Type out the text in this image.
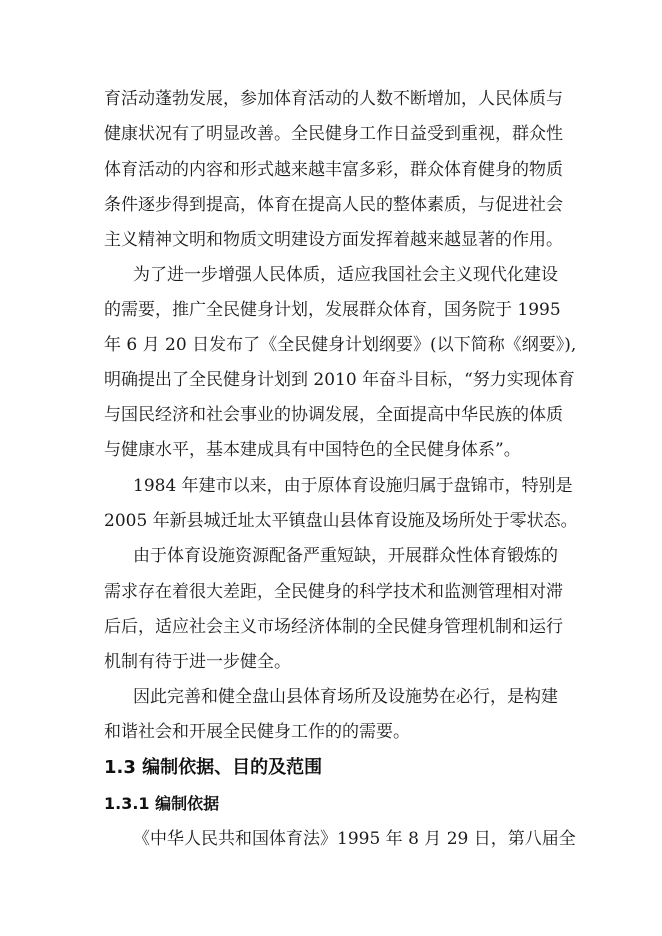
育活动蓬勃发展，参加体育活动的人数不断增加，人民体质与
健康状况有了明显改善。全民健身工作日益受到重视，群众性
体育活动的内容和形式越来越丰富多彩，群众体育健身的物质
条件逐步得到提高，体育在提高人民的整体素质，与促进社会
主义精神文明和物质文明建设方面发挥着越来越显著的作用。
为了进一步增强人民体质，适应我国社会主义现代化建设
的需要，推广全民健身计划，发展群众体育，国务院于 1995
年 6 月 20 日发布了《全民健身计划纲要》(以下简称《纲要》),
明确提出了全民健身计划到 2010 年奋斗目标，“努力实现体育
与国民经济和社会事业的协调发展，全面提高中华民族的体质
与健康水平，基本建成具有中国特色的全民健身体系”。
1984 年建市以来，由于原体育设施归属于盘锦市，特别是
2005 年新县城迁址太平镇盘山县体育设施及场所处于零状态。
由于体育设施资源配备严重短缺，开展群众性体育锻炼的
需求存在着很大差距，全民健身的科学技术和监测管理相对滞
后后，适应社会主义市场经济体制的全民健身管理机制和运行
机制有待于进一步健全。
因此完善和健全盘山县体育场所及设施势在必行，是构建
和谐社会和开展全民健身工作的的需要。
1.3 编制依据、目的及范围
1.3.1 编制依据
《中华人民共和国体育法》1995 年 8 月 29 日，第八届全
